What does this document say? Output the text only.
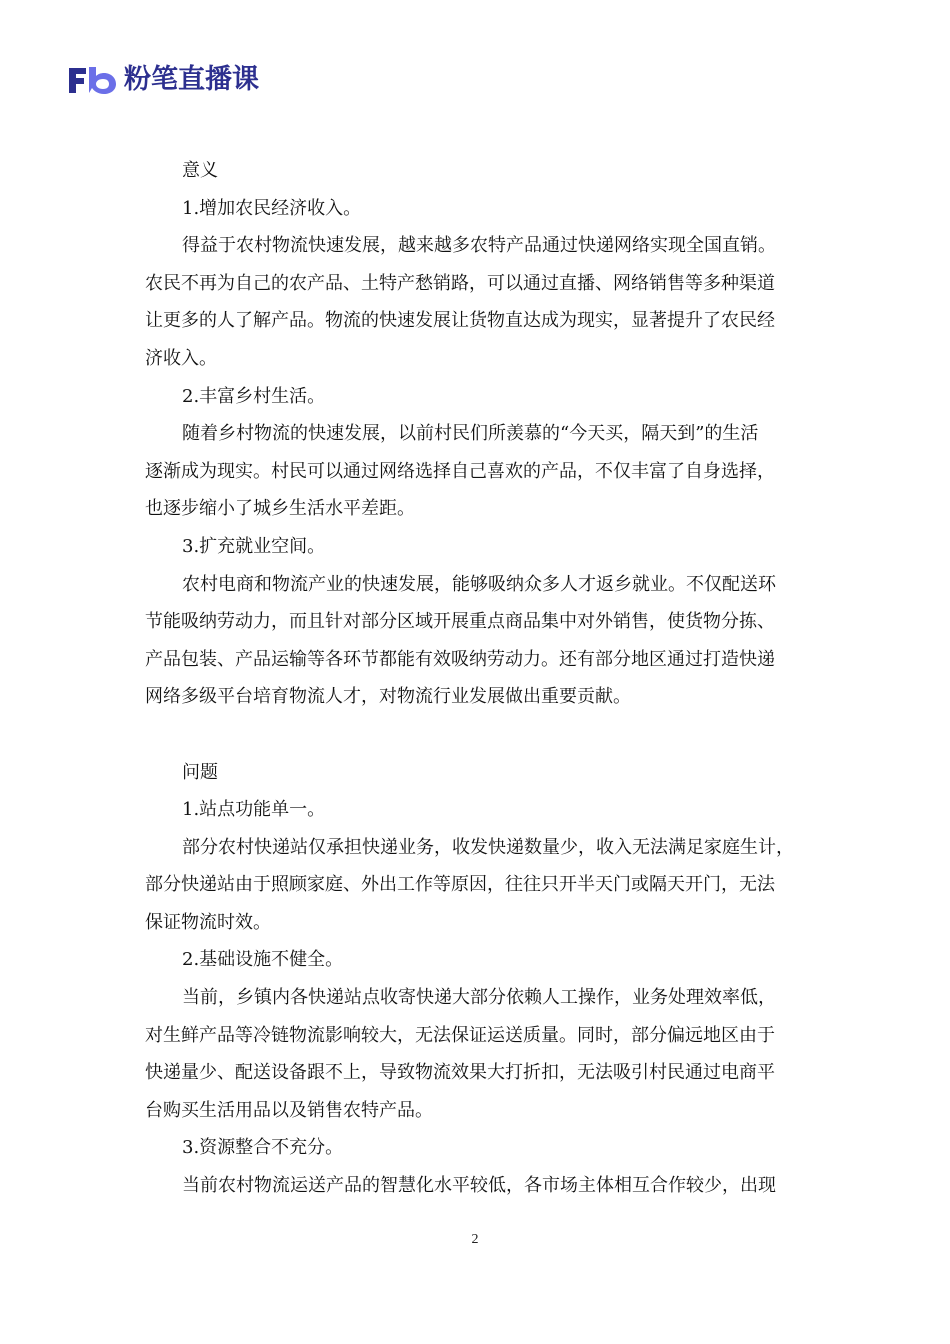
粉笔直播课
意义
1.增加农民经济收入。
得益于农村物流快速发展，越来越多农特产品通过快递网络实现全国直销。
农民不再为自己的农产品、土特产愁销路，可以通过直播、网络销售等多种渠道
让更多的人了解产品。物流的快速发展让货物直达成为现实，显著提升了农民经
济收入。
2.丰富乡村生活。
随着乡村物流的快速发展，以前村民们所羡慕的“今天买，隔天到”的生活
逐渐成为现实。村民可以通过网络选择自己喜欢的产品，不仅丰富了自身选择，
也逐步缩小了城乡生活水平差距。
3.扩充就业空间。
农村电商和物流产业的快速发展，能够吸纳众多人才返乡就业。不仅配送环
节能吸纳劳动力，而且针对部分区域开展重点商品集中对外销售，使货物分拣、
产品包装、产品运输等各环节都能有效吸纳劳动力。还有部分地区通过打造快递
网络多级平台培育物流人才，对物流行业发展做出重要贡献。
问题
1.站点功能单一。
部分农村快递站仅承担快递业务，收发快递数量少，收入无法满足家庭生计，
部分快递站由于照顾家庭、外出工作等原因，往往只开半天门或隔天开门，无法
保证物流时效。
2.基础设施不健全。
当前，乡镇内各快递站点收寄快递大部分依赖人工操作，业务处理效率低，
对生鲜产品等冷链物流影响较大，无法保证运送质量。同时，部分偏远地区由于
快递量少、配送设备跟不上，导致物流效果大打折扣，无法吸引村民通过电商平
台购买生活用品以及销售农特产品。
3.资源整合不充分。
当前农村物流运送产品的智慧化水平较低，各市场主体相互合作较少，出现
2
